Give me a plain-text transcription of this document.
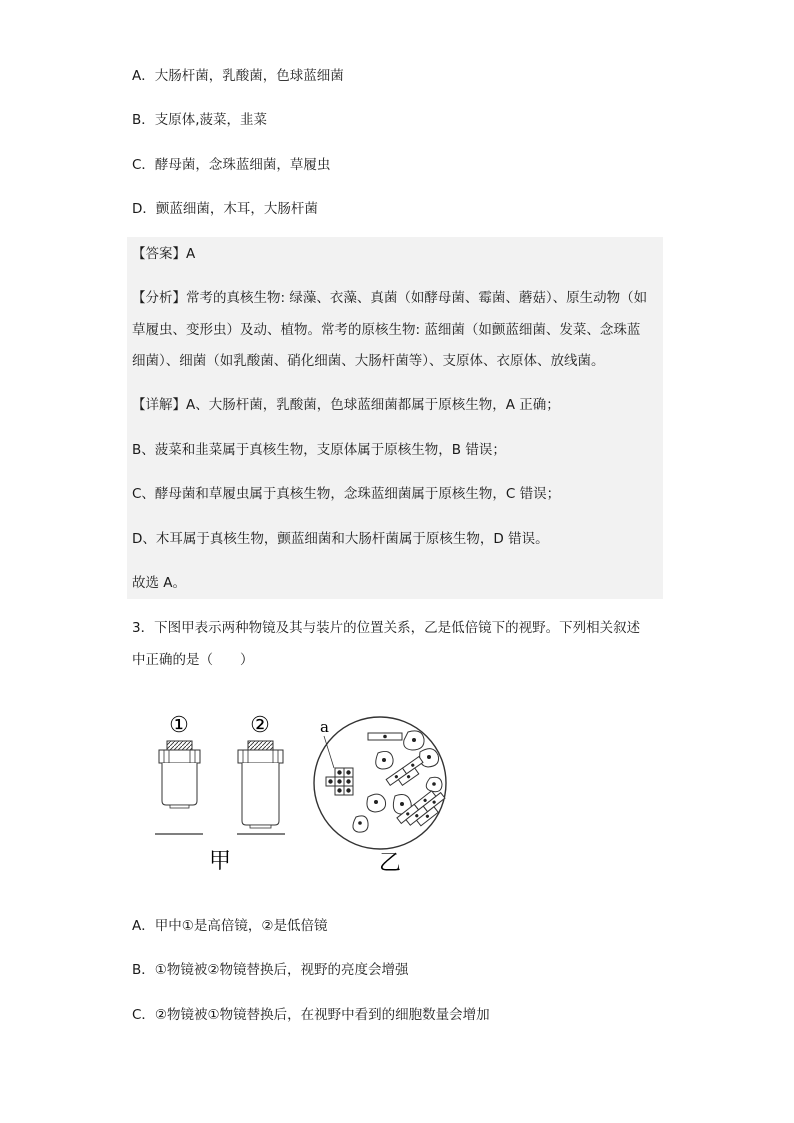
A．大肠杆菌，乳酸菌，色球蓝细菌
B．支原体,菠菜，韭菜
C．酵母菌，念珠蓝细菌，草履虫
D．颤蓝细菌，木耳，大肠杆菌
【答案】A
【分析】常考的真核生物: 绿藻、衣藻、真菌（如酵母菌、霉菌、蘑菇）、原生动物（如
草履虫、变形虫）及动、植物。常考的原核生物: 蓝细菌（如颤蓝细菌、发菜、念珠蓝
细菌）、细菌（如乳酸菌、硝化细菌、大肠杆菌等）、支原体、衣原体、放线菌。
【详解】A、大肠杆菌，乳酸菌，色球蓝细菌都属于原核生物，A 正确；
B、菠菜和韭菜属于真核生物，支原体属于原核生物，B 错误；
C、酵母菌和草履虫属于真核生物，念珠蓝细菌属于原核生物，C 错误；
D、木耳属于真核生物，颤蓝细菌和大肠杆菌属于原核生物，D 错误。
故选 A。
3．下图甲表示两种物镜及其与装片的位置关系，乙是低倍镜下的视野。下列相关叙述
中正确的是（　　）
①	②
甲
a
乙
A．甲中①是高倍镜，②是低倍镜
B．①物镜被②物镜替换后，视野的亮度会增强
C．②物镜被①物镜替换后，在视野中看到的细胞数量会增加
